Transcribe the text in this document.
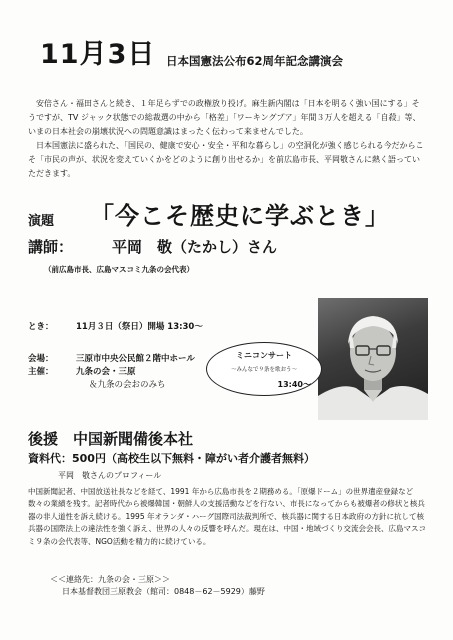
11月3日 日本国憲法公布62周年記念講演会

　安倍さん・福田さんと続き、１年足らずでの政権放り投げ。麻生新内閣は「日本を明るく強い国にする」そうですが、TV ジャック状態での総裁選の中から「格差」「ワーキングプア」年間３万人を超える「自殺」等、いまの日本社会の崩壊状況への問題意識はまったく伝わって来ませんでした。
　日本国憲法に盛られた、「国民の、健康で安心・安全・平和な暮らし」の空洞化が強く感じられる今だからこそ「市民の声が、状況を変えていくかをどのように創り出せるか」を前広島市長、平岡敬さんに熱く語っていただきます。

演題 「今こそ歴史に学ぶとき」
講師：	平岡　敬（たかし）さん
（前広島市長、広島マスコミ九条の会代表）
とき：	11月３日（祭日）開場 13:30～
会場：	三原市中央公民館２階中ホール
主催：	九条の会・三原
＆九条の会おのみち
ミニコンサート
～みんなで９条を歌おう～
13:40～
後援　中国新聞備後本社
資料代：500円（高校生以下無料・障がい者介護者無料）
平岡　敬さんのプロフィール

中国新聞記者、中国放送社長などを経て、1991 年から広島市長を２期務める。「原爆ドーム」の世界遺産登録など数々の業績を残す。記者時代から被爆韓国・朝鮮人の支援活動などを行ない、市長になってからも被爆者の修状と核兵器の非人道性を訴え続ける。1995 年オランダ・ハーグ国際司法裁判所で、核兵器に関する日本政府の方針に抗して核兵器の国際法上の違法性を強く訴え、世界の人々の反響を呼んだ。現在は、中国・地域づくり交流会会長、広島マスコミ９条の会代表等、NGO活動を精力的に続けている。

＜＜連絡先：九条の会・三原＞＞
日本基督教団三原教会（館司：0848－62－5929）藤野
